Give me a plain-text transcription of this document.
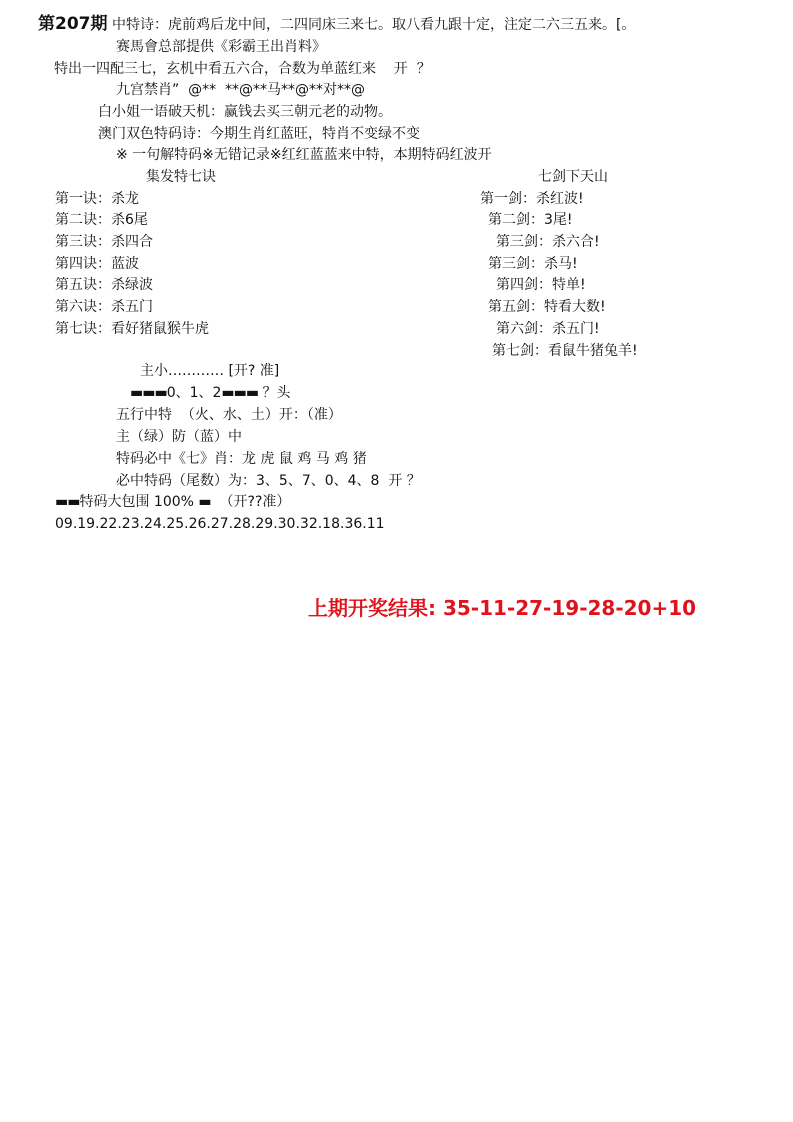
第207期 中特诗：虎前鸡后龙中间，二四同床三来七。取八看九跟十定，注定二六三五来。[。
赛馬會总部提供《彩霸王出肖料》
特出一四配三七，玄机中看五六合，合数为单蓝红来    开  ？
九宫禁肖”  @**  **@**马**@**对**@
白小姐一语破天机：赢钱去买三朝元老的动物。
澳门双色特码诗：今期生肖红蓝旺，特肖不变绿不变
※ 一句解特码※无错记录※红红蓝蓝来中特，本期特码红波开
集发特七诀	七剑下天山
第一诀：杀龙
第二诀：杀6尾
第三诀：杀四合
第四诀：蓝波
第五诀：杀绿波
第六诀：杀五门
第七诀：看好猪鼠猴牛虎
第一剑：杀红波!
第二剑：3尾!
第三剑：杀六合!
第三剑：杀马!
第四剑：特单!
第五剑：特看大数!
第六剑：杀五门!
第七剑：看鼠牛猪兔羊!
主小………… [开? 准]
▬▬▬0、1、2▬▬▬ ？头
五行中特  （火、水、土）开：（准）
主（绿）防（蓝）中
特码必中《七》肖：龙 虎 鼠 鸡 马 鸡 猪
必中特码（尾数）为：3、5、7、0、4、8  开 ？
▬▬特码大包围 100% ▬  （开??准）
09.19.22.23.24.25.26.27.28.29.30.32.18.36.11
上期开奖结果: 35-11-27-19-28-20+10
